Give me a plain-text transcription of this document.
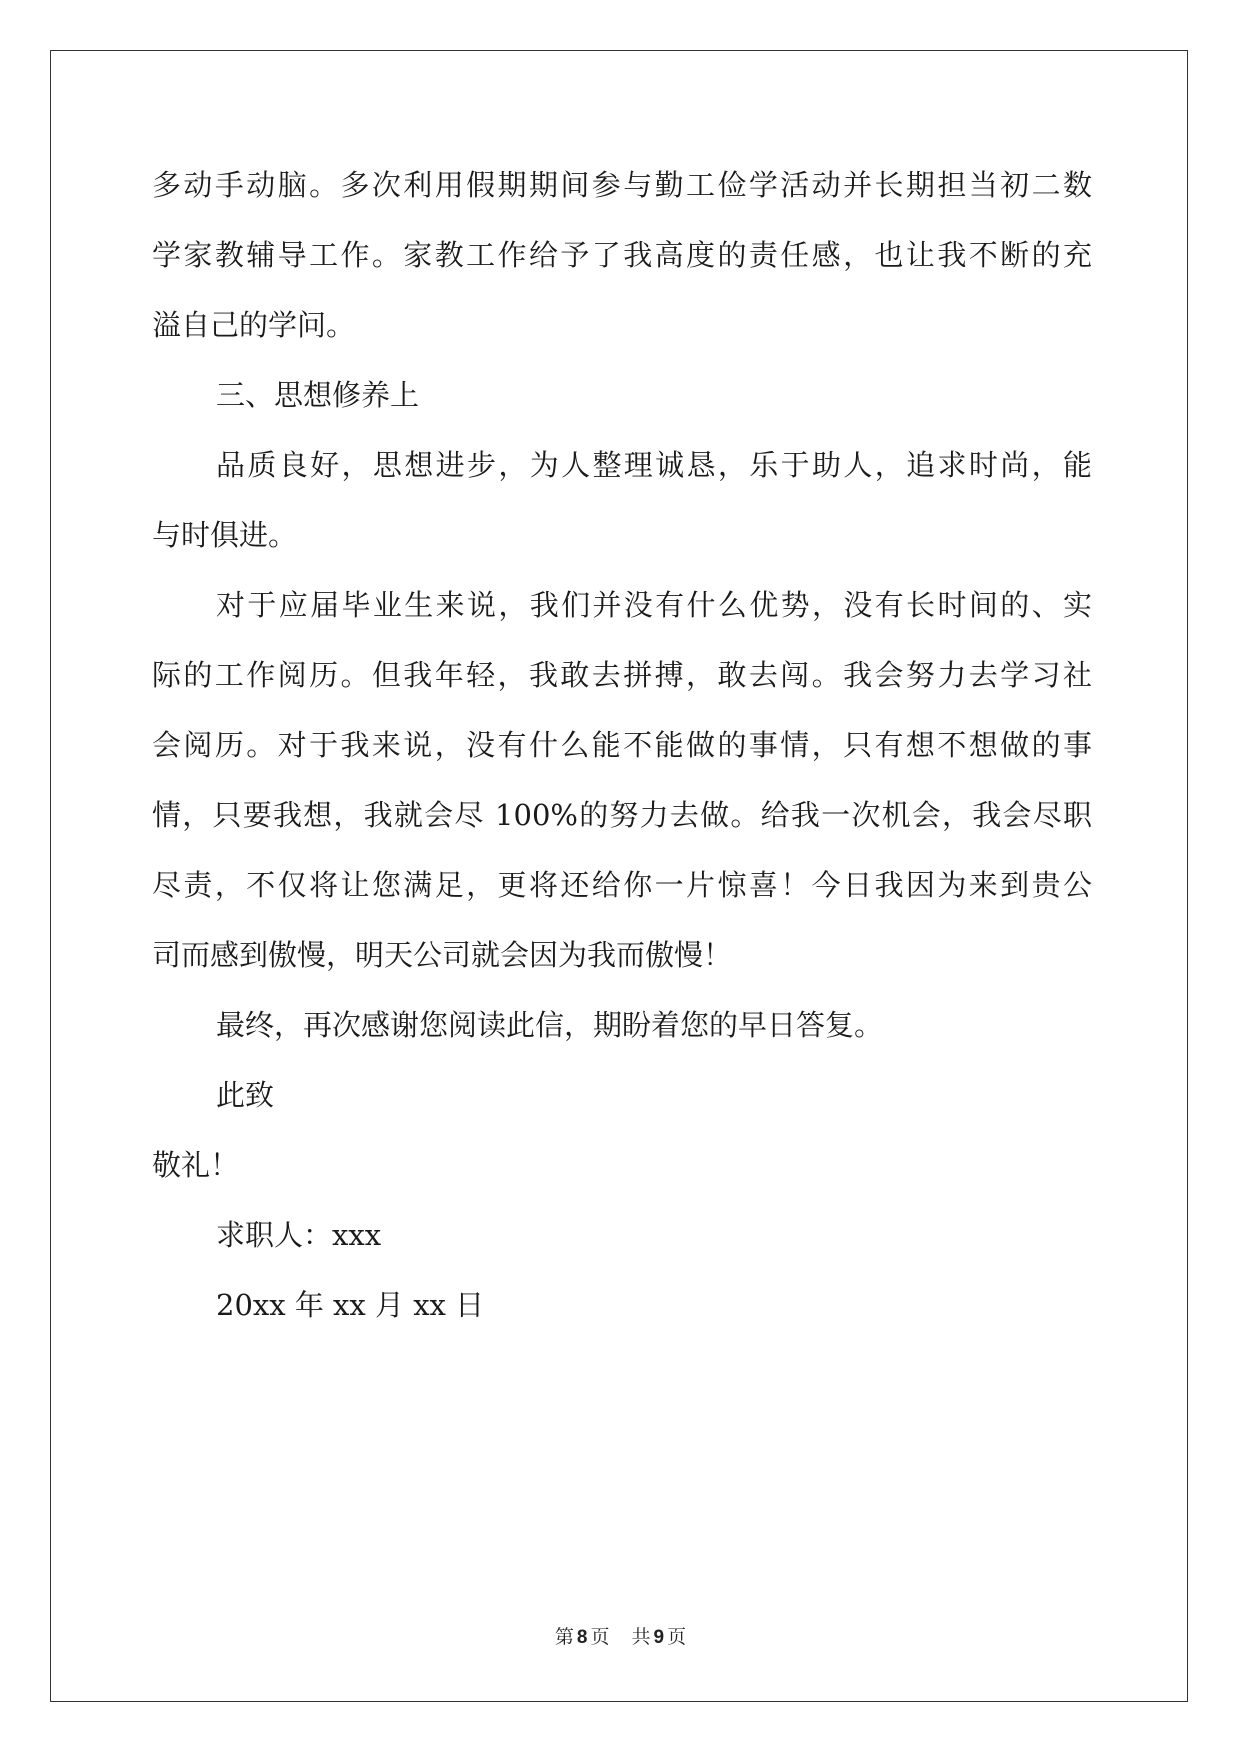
多动手动脑。多次利用假期期间参与勤工俭学活动并长期担当初二数
学家教辅导工作。家教工作给予了我高度的责任感，也让我不断的充
溢自己的学问。
三、思想修养上
品质良好，思想进步，为人整理诚恳，乐于助人，追求时尚，能
与时俱进。
对于应届毕业生来说，我们并没有什么优势，没有长时间的、实
际的工作阅历。但我年轻，我敢去拼搏，敢去闯。我会努力去学习社
会阅历。对于我来说，没有什么能不能做的事情，只有想不想做的事
情，只要我想，我就会尽 100%的努力去做。给我一次机会，我会尽职
尽责，不仅将让您满足，更将还给你一片惊喜！今日我因为来到贵公
司而感到傲慢，明天公司就会因为我而傲慢！
最终，再次感谢您阅读此信，期盼着您的早日答复。
此致
敬礼！
求职人：xxx
20xx 年 xx 月 xx 日
第 8 页 共 9 页
